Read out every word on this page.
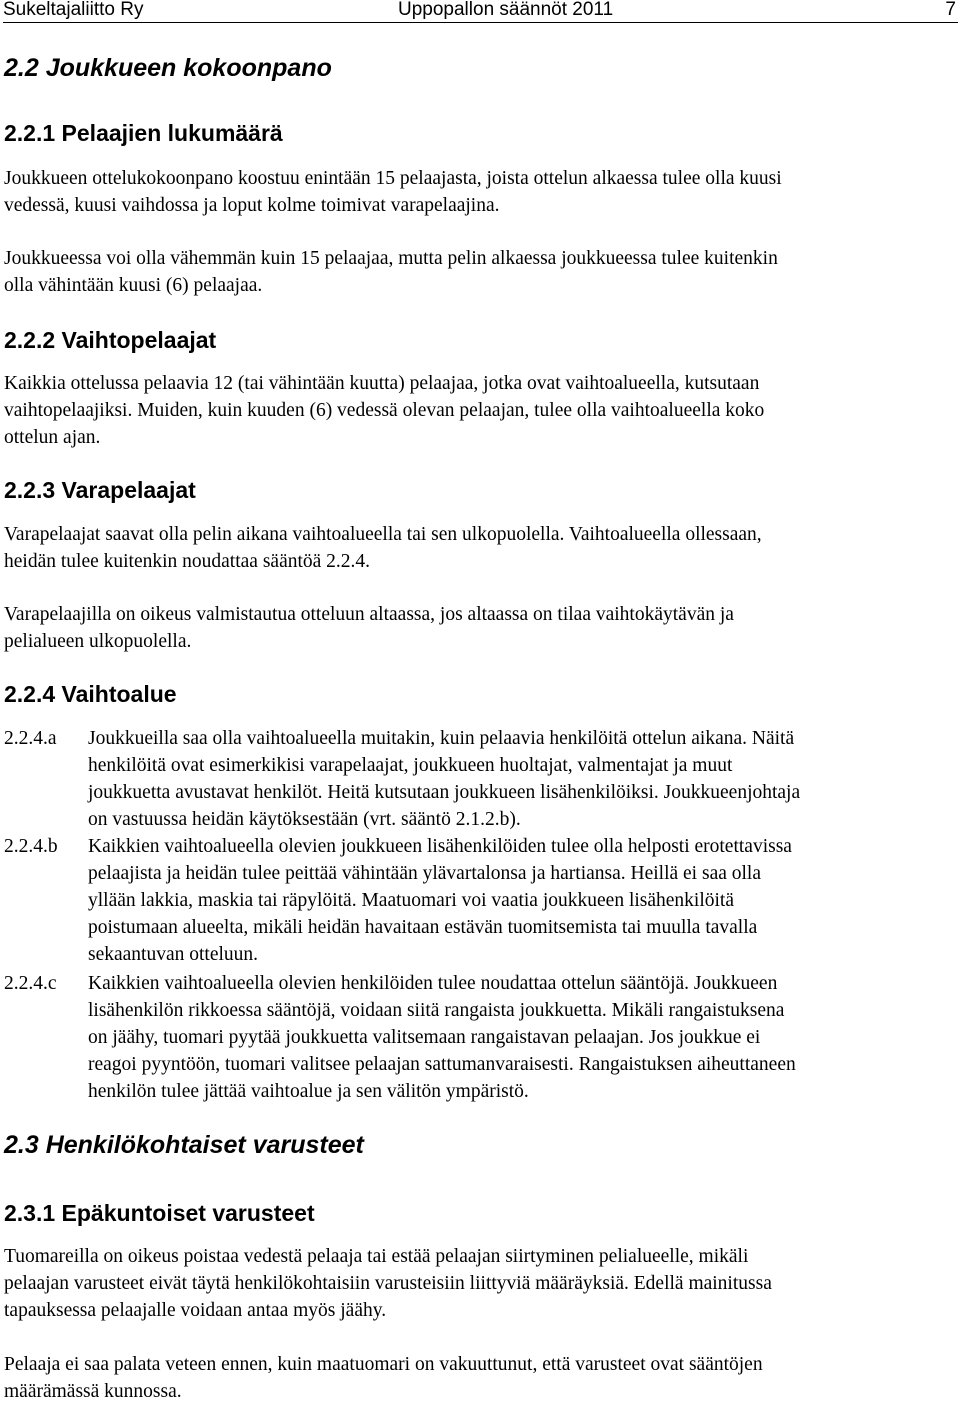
Sukeltajaliitto Ry	Uppopallon säännöt 2011	7
2.2 Joukkueen kokoonpano
2.2.1 Pelaajien lukumäärä
Joukkueen ottelukokoonpano koostuu enintään 15 pelaajasta, joista ottelun alkaessa tulee olla kuusi
vedessä, kuusi vaihdossa ja loput kolme toimivat varapelaajina.
Joukkueessa voi olla vähemmän kuin 15 pelaajaa, mutta pelin alkaessa joukkueessa tulee kuitenkin
olla vähintään kuusi (6) pelaajaa.
2.2.2 Vaihtopelaajat
Kaikkia ottelussa pelaavia 12 (tai vähintään kuutta) pelaajaa, jotka ovat vaihtoalueella, kutsutaan
vaihtopelaajiksi. Muiden, kuin kuuden (6) vedessä olevan pelaajan, tulee olla vaihtoalueella koko
ottelun ajan.
2.2.3 Varapelaajat
Varapelaajat saavat olla pelin aikana vaihtoalueella tai sen ulkopuolella. Vaihtoalueella ollessaan,
heidän tulee kuitenkin noudattaa sääntöä 2.2.4.
Varapelaajilla on oikeus valmistautua otteluun altaassa, jos altaassa on tilaa vaihtokäytävän ja
pelialueen ulkopuolella.
2.2.4 Vaihtoalue
2.2.4.a Joukkueilla saa olla vaihtoalueella muitakin, kuin pelaavia henkilöitä ottelun aikana. Näitä
henkilöitä ovat esimerkikisi varapelaajat, joukkueen huoltajat, valmentajat ja muut
joukkuetta avustavat henkilöt. Heitä kutsutaan joukkueen lisähenkilöiksi. Joukkueenjohtaja
on vastuussa heidän käytöksestään (vrt. sääntö 2.1.2.b).
2.2.4.b Kaikkien vaihtoalueella olevien joukkueen lisähenkilöiden tulee olla helposti erotettavissa
pelaajista ja heidän tulee peittää vähintään ylävartalonsa ja hartiansa. Heillä ei saa olla
yllään lakkia, maskia tai räpylöitä. Maatuomari voi vaatia joukkueen lisähenkilöitä
poistumaan alueelta, mikäli heidän havaitaan estävän tuomitsemista tai muulla tavalla
sekaantuvan otteluun.
2.2.4.c Kaikkien vaihtoalueella olevien henkilöiden tulee noudattaa ottelun sääntöjä. Joukkueen
lisähenkilön rikkoessa sääntöjä, voidaan siitä rangaista joukkuetta. Mikäli rangaistuksena
on jäähy, tuomari pyytää joukkuetta valitsemaan rangaistavan pelaajan. Jos joukkue ei
reagoi pyyntöön, tuomari valitsee pelaajan sattumanvaraisesti. Rangaistuksen aiheuttaneen
henkilön tulee jättää vaihtoalue ja sen välitön ympäristö.
2.3 Henkilökohtaiset varusteet
2.3.1 Epäkuntoiset varusteet
Tuomareilla on oikeus poistaa vedestä pelaaja tai estää pelaajan siirtyminen pelialueelle, mikäli
pelaajan varusteet eivät täytä henkilökohtaisiin varusteisiin liittyviä määräyksiä. Edellä mainitussa
tapauksessa pelaajalle voidaan antaa myös jäähy.
Pelaaja ei saa palata veteen ennen, kuin maatuomari on vakuuttunut, että varusteet ovat sääntöjen
määrämässä kunnossa.
